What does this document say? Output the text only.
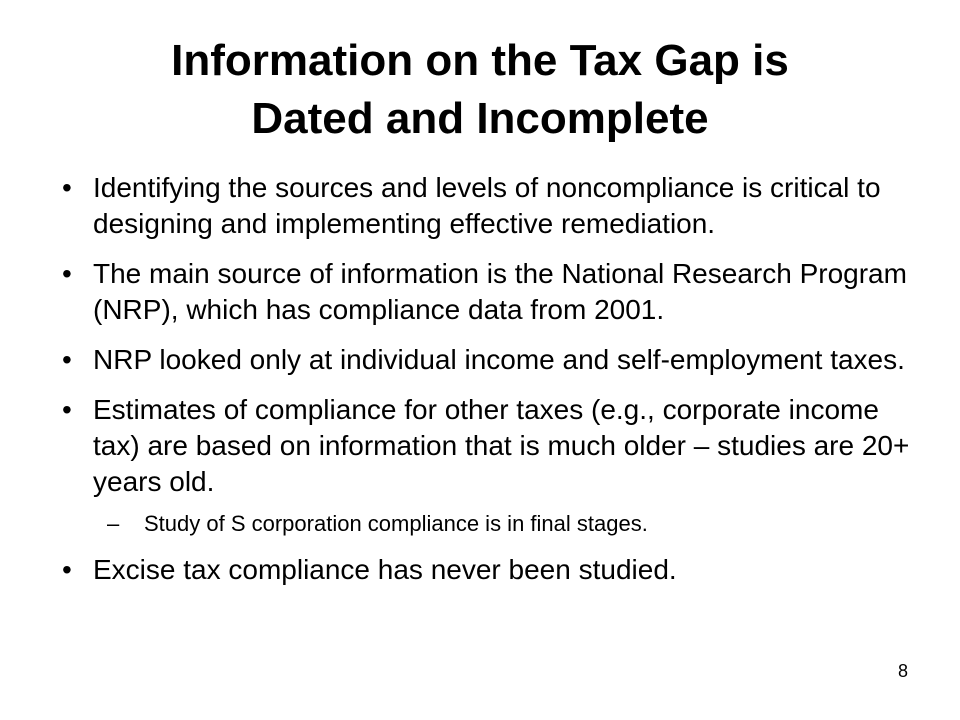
Information on the Tax Gap is
Dated and Incomplete
• Identifying the sources and levels of noncompliance is critical to designing and implementing effective remediation.
• The main source of information is the National Research Program (NRP), which has compliance data from 2001.
• NRP looked only at individual income and self-employment taxes.
• Estimates of compliance for other taxes (e.g., corporate income tax) are based on information that is much older – studies are 20+ years old.
– Study of S corporation compliance is in final stages.
• Excise tax compliance has never been studied.
8
